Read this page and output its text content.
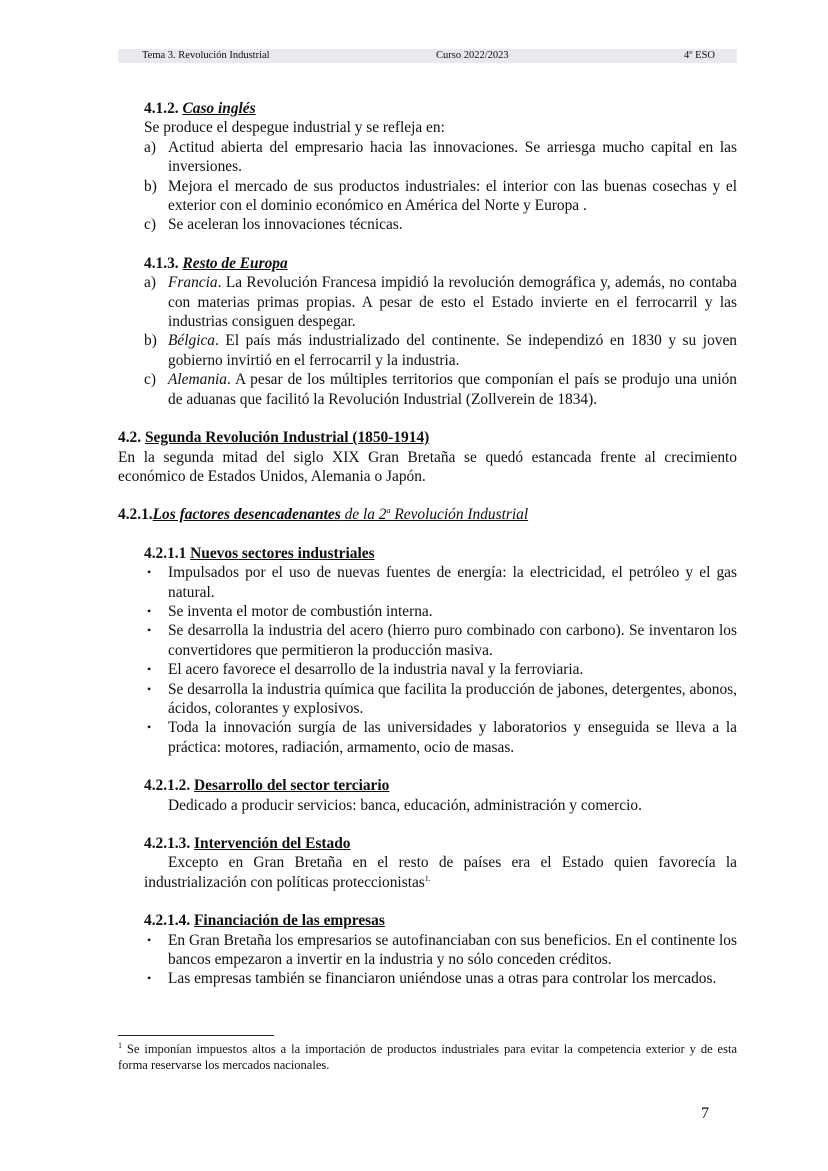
Tema 3. Revolución Industrial	Curso 2022/2023	4º ESO
4.1.2. Caso inglés
Se produce el despegue industrial y se refleja en:
a) Actitud abierta del empresario hacia las innovaciones. Se arriesga mucho capital en las inversiones.
b) Mejora el mercado de sus productos industriales: el interior con las buenas cosechas y el exterior con el dominio económico en América del Norte y Europa .
c) Se aceleran los innovaciones técnicas.
4.1.3. Resto de Europa
a) Francia. La Revolución Francesa impidió la revolución demográfica y, además, no contaba con materias primas propias. A pesar de esto el Estado invierte en el ferrocarril y las industrias consiguen despegar.
b) Bélgica. El país más industrializado del continente. Se independizó en 1830 y su joven gobierno invirtió en el ferrocarril y la industria.
c) Alemania. A pesar de los múltiples territorios que componían el país se produjo una unión de aduanas que facilitó la Revolución Industrial (Zollverein de 1834).
4.2. Segunda Revolución Industrial (1850-1914)
En la segunda mitad del siglo XIX Gran Bretaña se quedó estancada frente al crecimiento económico de Estados Unidos, Alemania o Japón.
4.2.1.Los factores desencadenantes de la 2$^a$ Revolución Industrial
4.2.1.1 Nuevos sectores industriales
• Impulsados por el uso de nuevas fuentes de energía: la electricidad, el petróleo y el gas natural.
• Se inventa el motor de combustión interna.
• Se desarrolla la industria del acero (hierro puro combinado con carbono). Se inventaron los convertidores que permitieron la producción masiva.
• El acero favorece el desarrollo de la industria naval y la ferroviaria.
• Se desarrolla la industria química que facilita la producción de jabones, detergentes, abonos, ácidos, colorantes y explosivos.
• Toda la innovación surgía de las universidades y laboratorios y enseguida se lleva a la práctica: motores, radiación, armamento, ocio de masas.
4.2.1.2. Desarrollo del sector terciario
Dedicado a producir servicios: banca, educación, administración y comercio.
4.2.1.3. Intervención del Estado
Excepto en Gran Bretaña en el resto de países era el Estado quien favorecía la industrialización con políticas proteccionistas$^{1.}$
4.2.1.4. Financiación de las empresas
• En Gran Bretaña los empresarios se autofinanciaban con sus beneficios. En el continente los bancos empezaron a invertir en la industria y no sólo conceden créditos.
• Las empresas también se financiaron uniéndose unas a otras para controlar los mercados.
$^1$ Se imponían impuestos altos a la importación de productos industriales para evitar la competencia exterior y de esta forma reservarse los mercados nacionales.
7
